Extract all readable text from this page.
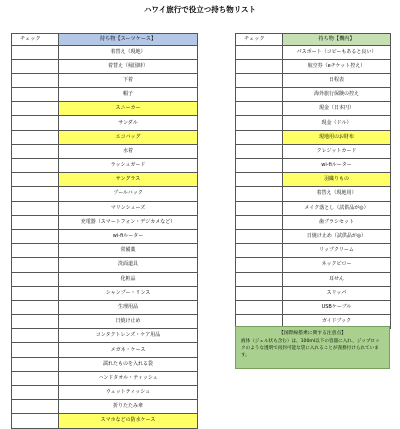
ハワイ旅行で役立つ持ち物リスト
チェック	持ち物【スーツケース】
	着替え（現地）
	着替え（帰国時）
	下着
	帽子
	スニーカー
	サンダル
	エコバッグ
	水着
	ラッシュガード
	サングラス
	プールバック
	マリンシューズ
	充電器（スマートフォン・デジカメなど）
	wi-fiルーター
	常備薬
	洗面道具
	化粧品
	シャンプー・リンス
	生理用品
	日焼け止め
	コンタクトレンズ・ケア用品
	メガネ・ケース
	濡れたものを入れる袋
	ハンドタオル・ティッシュ
	ウェットティッシュ
	折りたたみ傘
	スマホなどの防水ケース
チェック	持ち物【機内】
	パスポート（コピーもあると良い）
	航空券（eチケット控え）
	日程表
	海外旅行保険の控え
	現金（日本円）
	現金（ドル）
	現地用のお財布
	クレジットカード
	wi-fiルーター
	羽織りもの
	着替え（現地用）
	メイク落とし（試供品が◎）
	歯ブラシセット
	日焼け止め（試供品が◎）
	リップクリーム
	ネックピロー
	耳せん
	スリッパ
	USBケーブル
	ガイドブック
【国際線搭乗に関する注意点】
液体（ジェル状も含む）は、100ml以下の容器に入れ、ジップロックのような透明で再封可能な袋に入れることが義務付けられています。
